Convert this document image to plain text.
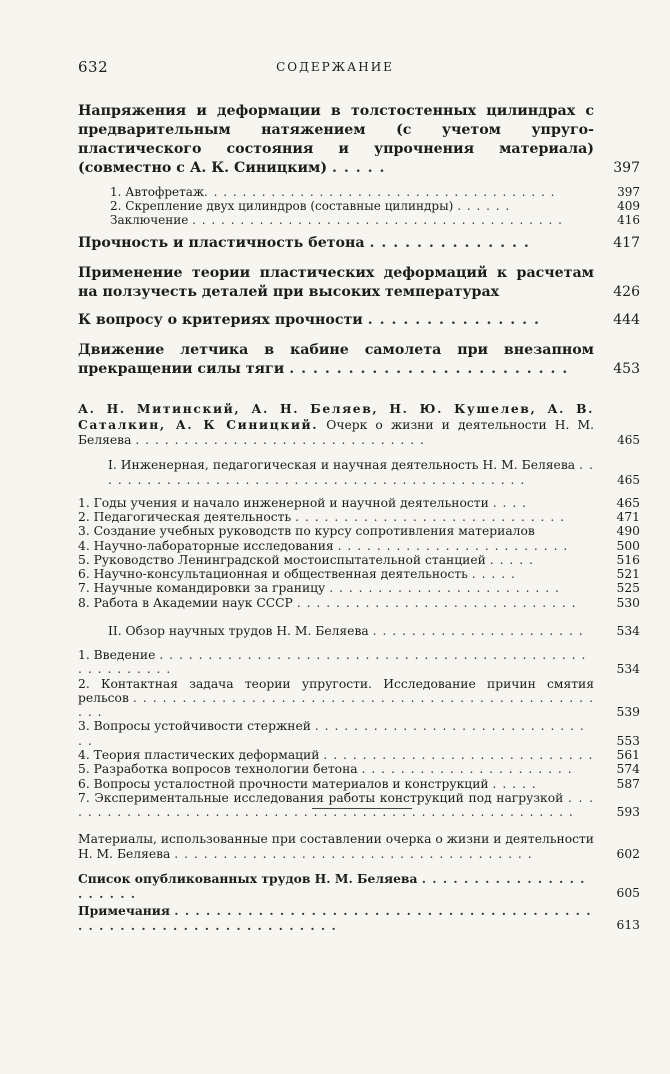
632	СОДЕРЖАНИЕ
Напряжения и деформации в толстостенных цилиндрах с предварительным натяжением (с учетом упруго-пластического состояния и упрочнения материала) (совместно с А. К. Синицким) . . . . .	397
1. Автофретаж. . . . . . . . . . . . . . . . . . . . . . . . . . . . . . . . . . . . .	397
2. Скрепление двух цилиндров (составные цилиндры) . . . . . .	409
Заключение . . . . . . . . . . . . . . . . . . . . . . . . . . . . . . . . . . . . . . .	416
Прочность и пластичность бетона . . . . . . . . . . . . . .	417
Применение теории пластических деформаций к расчетам на ползучесть деталей при высоких температурах	426
К вопросу о критериях прочности . . . . . . . . . . . . . . .	444
Движение летчика в кабине самолета при внезапном прекращении силы тяги . . . . . . . . . . . . . . . . . . . . . . . .	453
А. Н. Митинский, А. Н. Беляев, Н. Ю. Кушелев, А. В. Саталкин, А. К Синицкий. Очерк о жизни и деятельности Н. М. Беляева . . . . . . . . . . . . . . . . . . . . . . . . . . . . . .	465
I. Инженерная, педагогическая и научная деятельность Н. М. Беляева . . . . . . . . . . . . . . . . . . . . . . . . . . . . . . . . . . . . . . . . . . . . .	465
1. Годы учения и начало инженерной и научной деятельности . . . .	465
2. Педагогическая деятельность . . . . . . . . . . . . . . . . . . . . . . . . . . . .	471
3. Создание учебных руководств по курсу сопротивления материалов	490
4. Научно-лабораторные исследования . . . . . . . . . . . . . . . . . . . . . . . .	500
5. Руководство Ленинградской мостоиспытательной станцией . . . . .	516
6. Научно-консультационная и общественная деятельность . . . . .	521
7. Научные командировки за границу . . . . . . . . . . . . . . . . . . . . . . . .	525
8. Работа в Академии наук СССР . . . . . . . . . . . . . . . . . . . . . . . . . . . . .	530
II. Обзор научных трудов Н. М. Беляева . . . . . . . . . . . . . . . . . . . . . .	534
1. Введение . . . . . . . . . . . . . . . . . . . . . . . . . . . . . . . . . . . . . . . . . . . . . . . . . . . . . .	534
2. Контактная задача теории упругости. Исследование причин смятия рельсов . . . . . . . . . . . . . . . . . . . . . . . . . . . . . . . . . . . . . . . . . . . . . . . . . .	539
3. Вопросы устойчивости стержней . . . . . . . . . . . . . . . . . . . . . . . . . . . . . .	553
4. Теория пластических деформаций . . . . . . . . . . . . . . . . . . . . . . . . . . . .	561
5. Разработка вопросов технологии бетона . . . . . . . . . . . . . . . . . . . . . .	574
6. Вопросы усталостной прочности материалов и конструкций . . . . .	587
7. Экспериментальные исследования работы конструкций под нагрузкой . . . . . . . . . . . . . . . . . . . . . . . . . . . . . . . . . . . . . . . . . . . . . . . . . . . . . .	593
Материалы, использованные при составлении очерка о жизни и деятельности Н. М. Беляева . . . . . . . . . . . . . . . . . . . . . . . . . . . . . . . . . . . . .	602
Список опубликованных трудов Н. М. Беляева . . . . . . . . . . . . . . . . . . . . . .	605
Примечания . . . . . . . . . . . . . . . . . . . . . . . . . . . . . . . . . . . . . . . . . . . . . . . . . . . . . . . . . . . . . . . . .	613
